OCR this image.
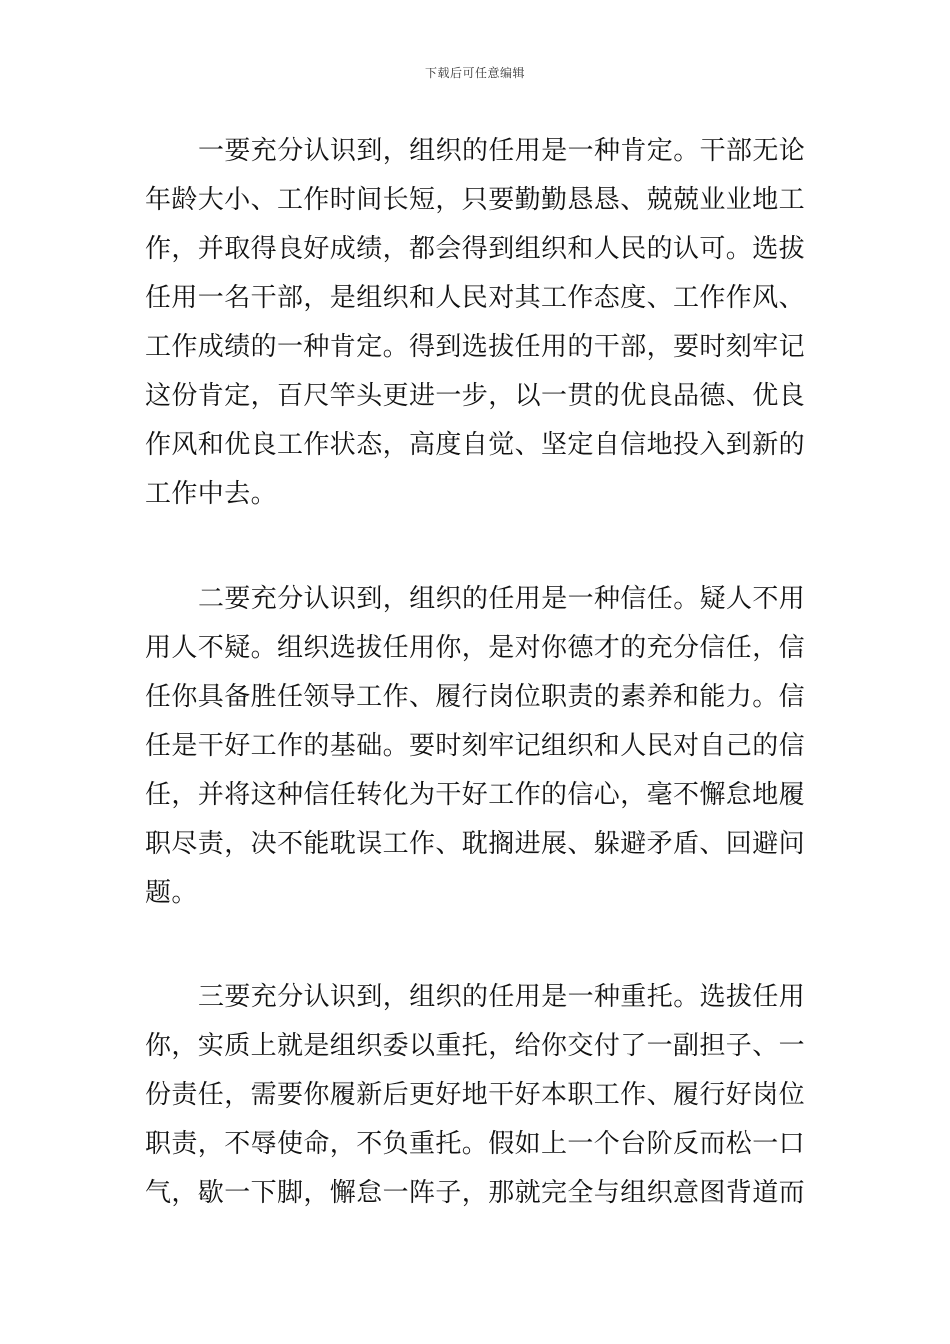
下载后可任意编辑
一要充分认识到，组织的任用是一种肯定。干部无论
年龄大小、工作时间长短，只要勤勤恳恳、兢兢业业地工
作，并取得良好成绩，都会得到组织和人民的认可。选拔
任用一名干部，是组织和人民对其工作态度、工作作风、
工作成绩的一种肯定。得到选拔任用的干部，要时刻牢记
这份肯定，百尺竿头更进一步，以一贯的优良品德、优良
作风和优良工作状态，高度自觉、坚定自信地投入到新的
工作中去。
二要充分认识到，组织的任用是一种信任。疑人不用
用人不疑。组织选拔任用你，是对你德才的充分信任，信
任你具备胜任领导工作、履行岗位职责的素养和能力。信
任是干好工作的基础。要时刻牢记组织和人民对自己的信
任，并将这种信任转化为干好工作的信心，毫不懈怠地履
职尽责，决不能耽误工作、耽搁进展、躲避矛盾、回避问
题。
三要充分认识到，组织的任用是一种重托。选拔任用
你，实质上就是组织委以重托，给你交付了一副担子、一
份责任，需要你履新后更好地干好本职工作、履行好岗位
职责，不辱使命，不负重托。假如上一个台阶反而松一口
气，歇一下脚，懈怠一阵子，那就完全与组织意图背道而
